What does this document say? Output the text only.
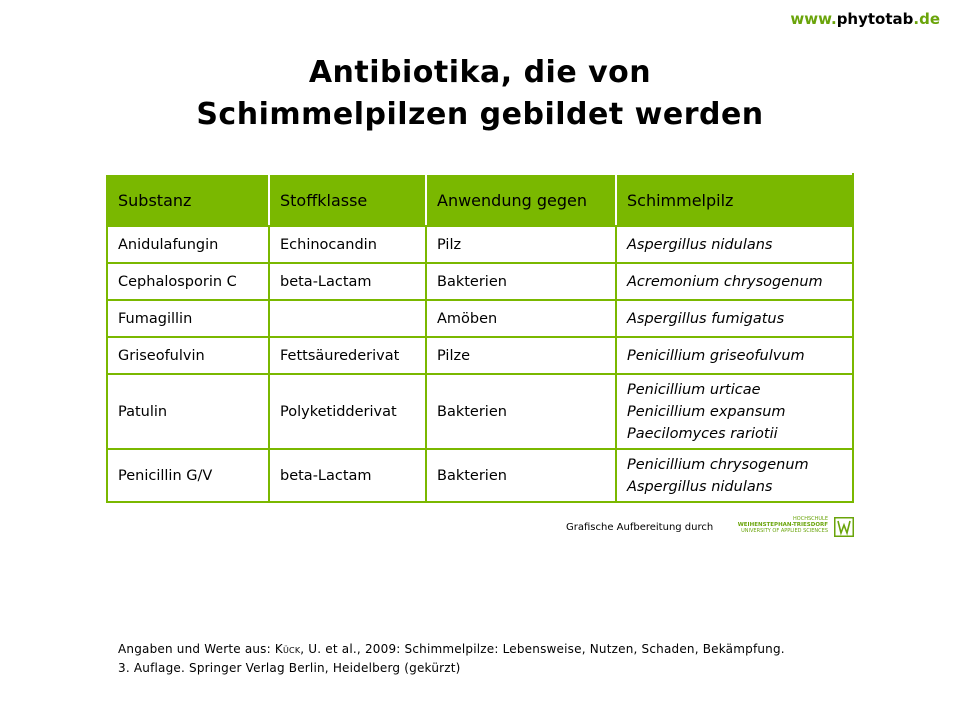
www.phytotab.de
Antibiotika, die von
Schimmelpilzen gebildet werden
Substanz	Stoffklasse	Anwendung gegen	Schimmelpilz
Anidulafungin	Echinocandin	Pilz	Aspergillus nidulans

Cephalosporin C	beta-Lactam	Bakterien	Acremonium chrysogenum

Fumagillin		Amöben	Aspergillus fumigatus

Griseofulvin	Fettsäurederivat	Pilze	Penicillium griseofulvum

Patulin	Polyketidderivat	Bakterien	Penicillium urticae
Penicillium expansum
Paecilomyces rariotii

Penicillin G/V	beta-Lactam	Bakterien	Penicillium chrysogenum
Aspergillus nidulans
Grafische Aufbereitung durch
HOCHSCHULE
WEIHENSTEPHAN-TRIESDORF
UNIVERSITY OF APPLIED SCIENCES
Angaben und Werte aus: Kück, U. et al., 2009: Schimmelpilze: Lebensweise, Nutzen, Schaden, Bekämpfung.
3. Auflage. Springer Verlag Berlin, Heidelberg (gekürzt)
